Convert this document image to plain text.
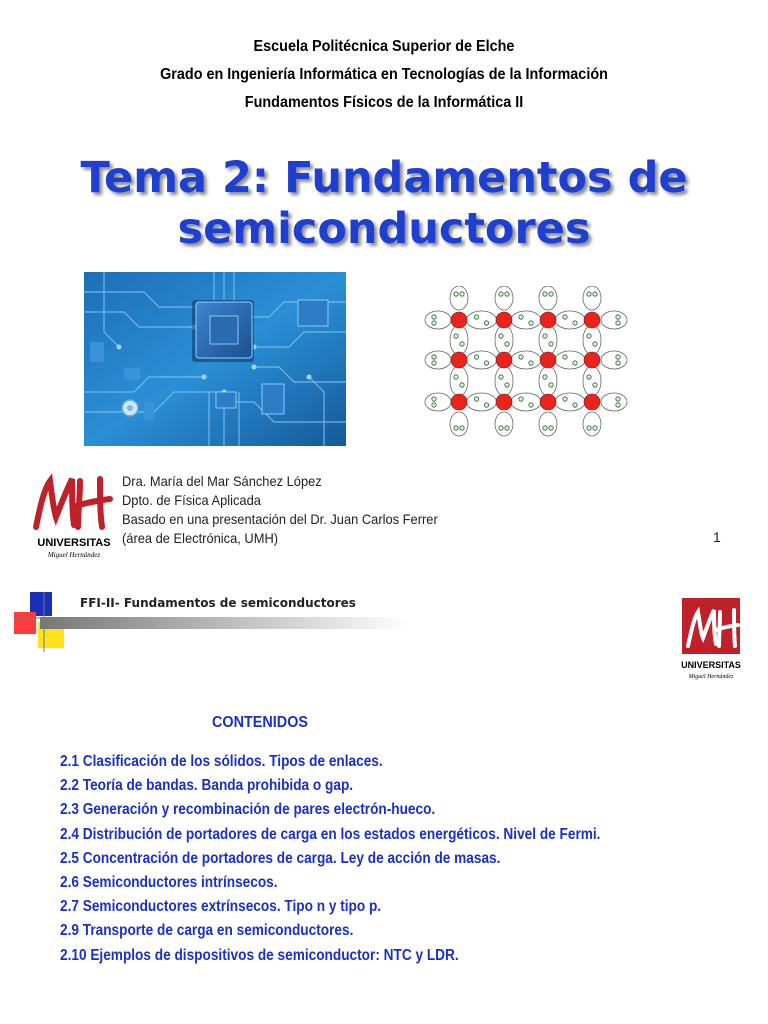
Escuela Politécnica Superior de Elche
Grado en Ingeniería Informática en Tecnologías de la Información
Fundamentos Físicos de la Informática II
Tema 2: Fundamentos de
semiconductores
UNIVERSITAS
Miguel Hernández
Dra. María del Mar Sánchez López
Dpto. de Física Aplicada
Basado en una presentación del Dr. Juan Carlos Ferrer
(área de Electrónica, UMH)	1
FFI-II- Fundamentos de semiconductores
UNIVERSITAS
Miguel Hernández
CONTENIDOS
2.1 Clasificación de los sólidos. Tipos de enlaces.
2.2 Teoría de bandas. Banda prohibida o gap.
2.3 Generación y recombinación de pares electrón-hueco.
2.4 Distribución de portadores de carga en los estados energéticos. Nivel de Fermi.
2.5 Concentración de portadores de carga. Ley de acción de masas.
2.6 Semiconductores intrínsecos.
2.7 Semiconductores extrínsecos. Tipo n y tipo p.
2.9 Transporte de carga en semiconductores.
2.10 Ejemplos de dispositivos de semiconductor: NTC y LDR.
